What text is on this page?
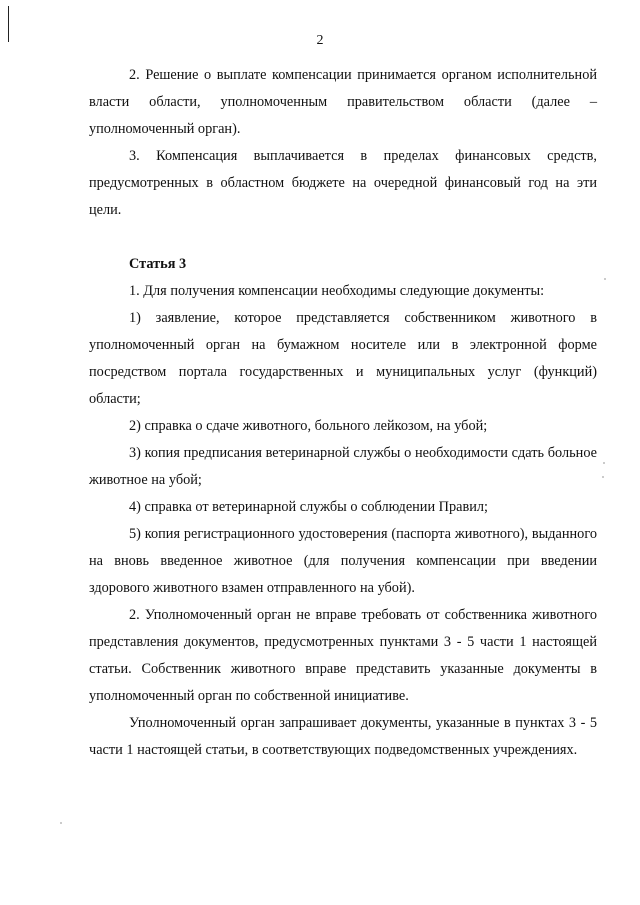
2

2. Решение о выплате компенсации принимается органом исполнительной власти области, уполномоченным правительством области (далее – уполномоченный орган).

3. Компенсация выплачивается в пределах финансовых средств, предусмотренных в областном бюджете на очередной финансовый год на эти цели.

Статья 3

1. Для получения компенсации необходимы следующие документы:

1) заявление, которое представляется собственником животного в уполномоченный орган на бумажном носителе или в электронной форме посредством портала государственных и муниципальных услуг (функций) области;

2) справка о сдаче животного, больного лейкозом, на убой;

3) копия предписания ветеринарной службы о необходимости сдать больное животное на убой;

4) справка от ветеринарной службы о соблюдении Правил;

5) копия регистрационного удостоверения (паспорта животного), выданного на вновь введенное животное (для получения компенсации при введении здорового животного взамен отправленного на убой).

2. Уполномоченный орган не вправе требовать от собственника животного представления документов, предусмотренных пунктами 3 - 5 части 1 настоящей статьи. Собственник животного вправе представить указанные документы в уполномоченный орган по собственной инициативе.

Уполномоченный орган запрашивает документы, указанные в пунктах 3 - 5 части 1 настоящей статьи, в соответствующих подведомственных учреждениях.
